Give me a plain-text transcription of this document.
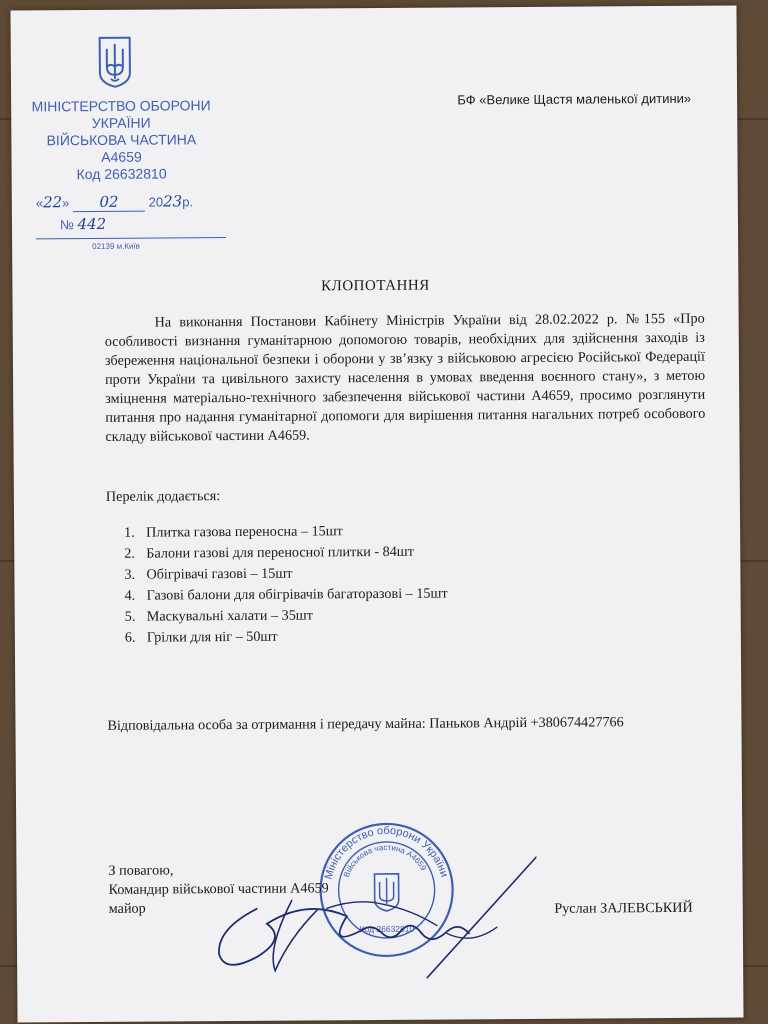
МІНІСТЕРСТВО ОБОРОНИ
УКРАЇНИ
ВІЙСЬКОВА ЧАСТИНА
А4659
Код 26632810
«22» 02 2023р.
№ 442
02139 м.Київ
БФ «Велике Щастя маленької дитини»
КЛОПОТАННЯ
На виконання Постанови Кабінету Міністрів України від 28.02.2022 р. №155 «Про особливості визнання гуманітарною допомогою товарів, необхідних для здійснення заходів із збереження національної безпеки і оборони у зв’язку з військовою агресією Російської Федерації проти України та цивільного захисту населення в умовах введення воєнного стану», з метою зміцнення матеріально-технічного забезпечення військової частини А4659, просимо розглянути питання про надання гуманітарної допомоги для вирішення питання нагальних потреб особового складу військової частини А4659.
Перелік додається:
1. Плитка газова переносна – 15шт
2. Балони газові для переносної плитки - 84шт
3. Обігрівачі газові – 15шт
4. Газові балони для обігрівачів багаторазові – 15шт
5. Маскувальні халати – 35шт
6. Грілки для ніг – 50шт
Відповідальна особа за отримання і передачу майна: Паньков Андрій +380674427766
Міністерство оборони України
Військова частина А4659
Код 26632810
З повагою,
Командир військової частини А4659
майор	Руслан ЗАЛЕВСЬКИЙ
